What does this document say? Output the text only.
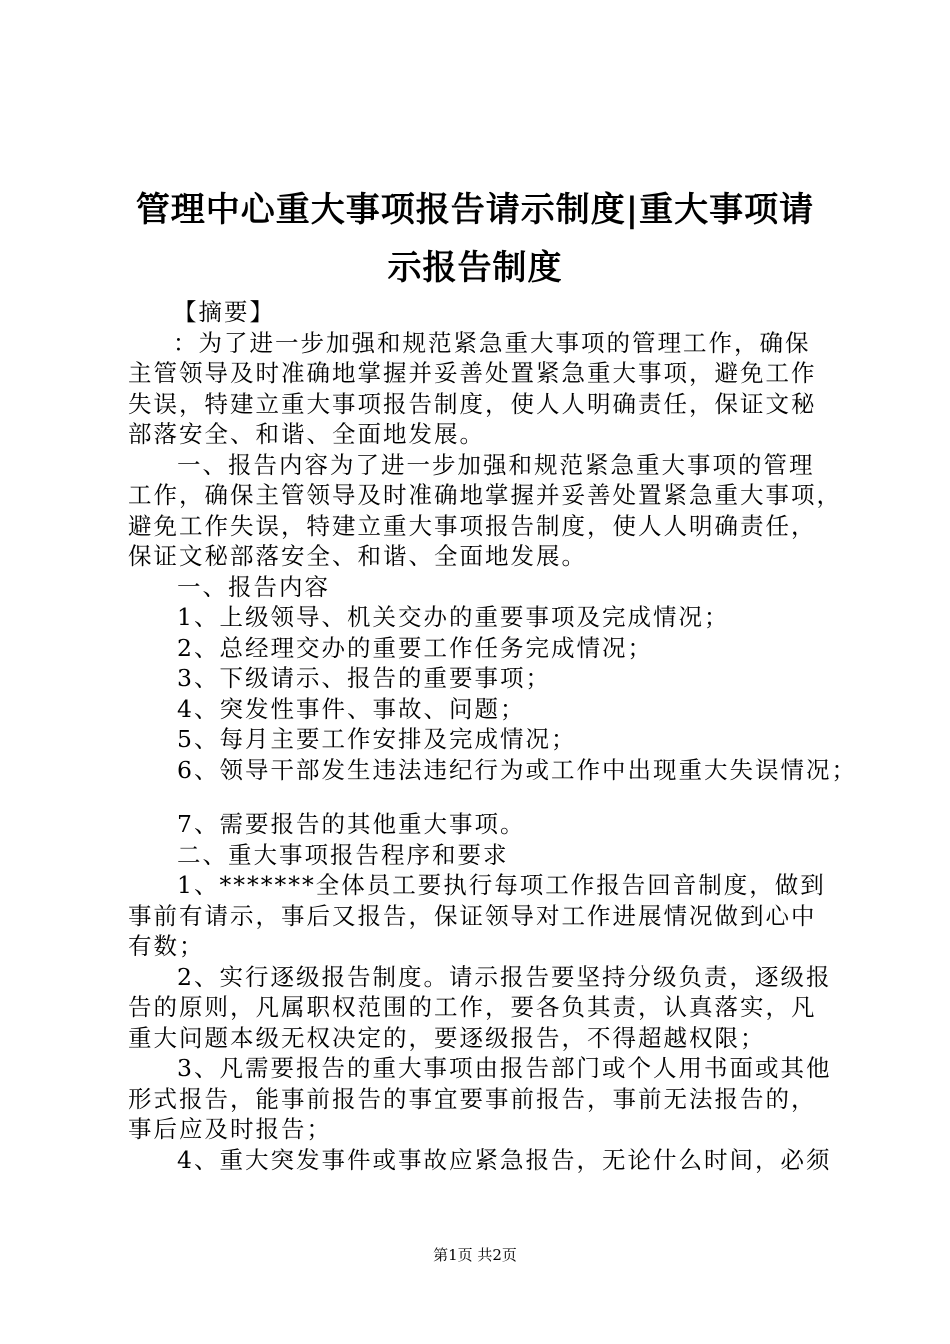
管理中心重大事项报告请示制度|重大事项请
示报告制度
【摘要】
：为了进一步加强和规范紧急重大事项的管理工作，确保
主管领导及时准确地掌握并妥善处置紧急重大事项，避免工作
失误，特建立重大事项报告制度，使人人明确责任，保证文秘
部落安全、和谐、全面地发展。
一、报告内容为了进一步加强和规范紧急重大事项的管理
工作，确保主管领导及时准确地掌握并妥善处置紧急重大事项，
避免工作失误，特建立重大事项报告制度，使人人明确责任，
保证文秘部落安全、和谐、全面地发展。
一、报告内容
1、上级领导、机关交办的重要事项及完成情况；
2、总经理交办的重要工作任务完成情况；
3、下级请示、报告的重要事项；
4、突发性事件、事故、问题；
5、每月主要工作安排及完成情况；
6、领导干部发生违法违纪行为或工作中出现重大失误情况；
7、需要报告的其他重大事项。
二、重大事项报告程序和要求
1、*******全体员工要执行每项工作报告回音制度，做到
事前有请示，事后又报告，保证领导对工作进展情况做到心中
有数；
2、实行逐级报告制度。请示报告要坚持分级负责，逐级报
告的原则，凡属职权范围的工作，要各负其责，认真落实，凡
重大问题本级无权决定的，要逐级报告，不得超越权限；
3、凡需要报告的重大事项由报告部门或个人用书面或其他
形式报告，能事前报告的事宜要事前报告，事前无法报告的，
事后应及时报告；
4、重大突发事件或事故应紧急报告，无论什么时间，必须
第1页 共2页
